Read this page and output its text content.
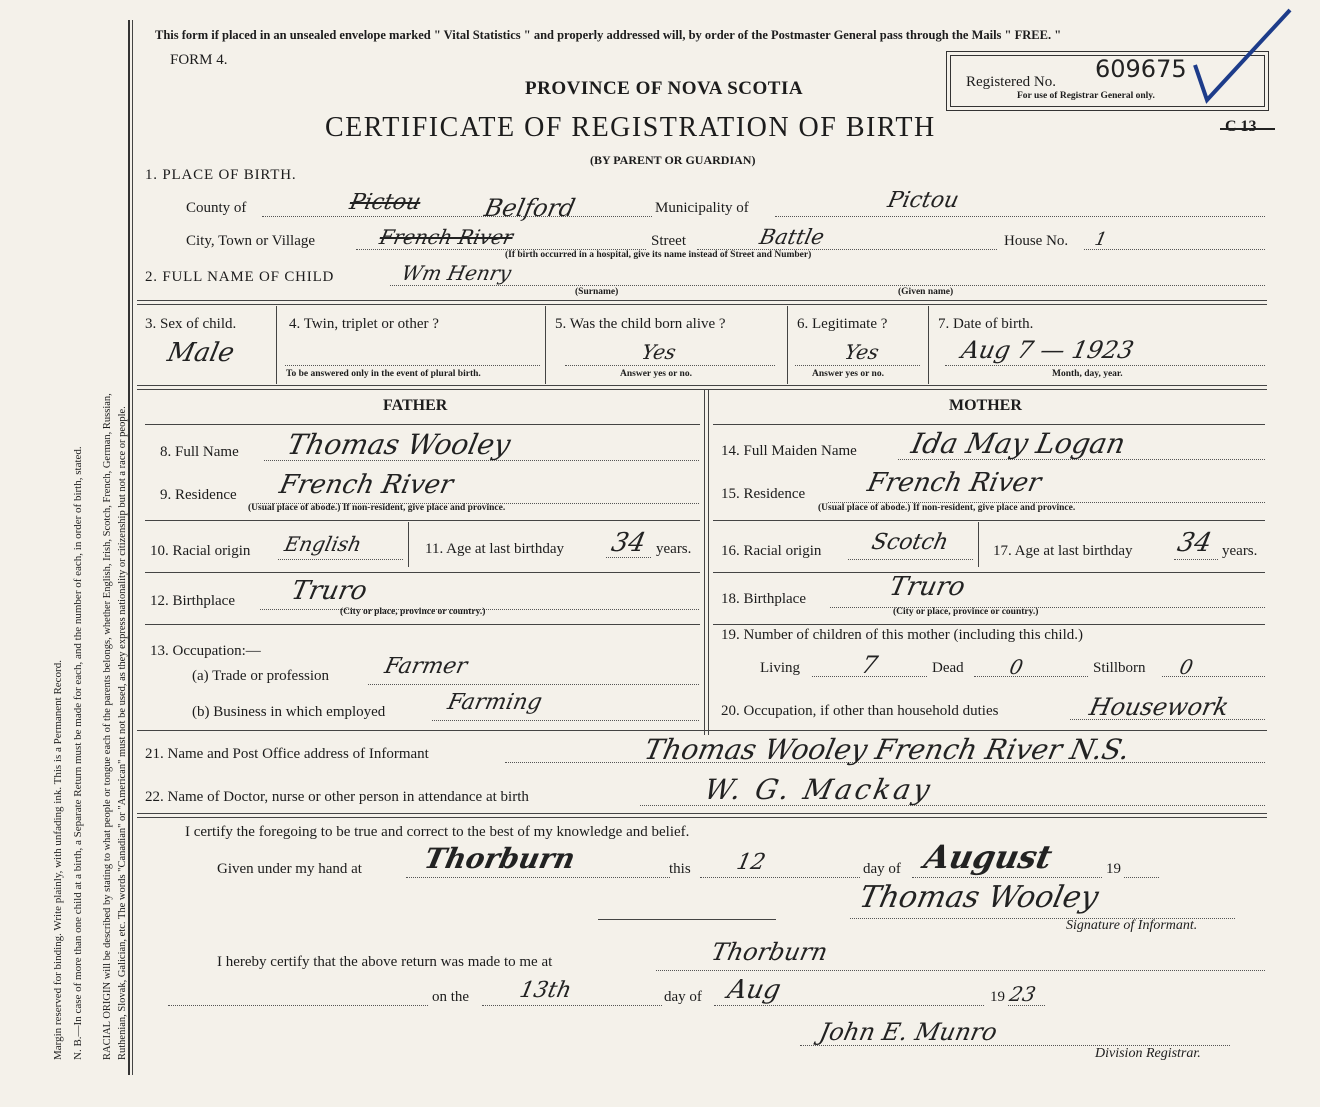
Margin reserved for binding. Write plainly, with unfading ink. This is a Permanent Record. N. B.—In case of more than one child at a birth, a Separate Return must be made for each, and the number of each, in order of birth, stated. RACIAL ORIGIN will be described by stating to what people or tongue each of the parents belongs, whether English, Irish, Scotch, French, German, Russian, Ruthenian, Slovak, Galician, etc. The words "Canadian" or "American" must not be used, as they express nationality or citizenship but not a race or people.
This form if placed in an unsealed envelope marked " Vital Statistics " and properly addressed will, by order of the Postmaster General pass through the Mails " FREE. "
FORM 4.
PROVINCE OF NOVA SCOTIA
CERTIFICATE OF REGISTRATION OF BIRTH
(BY PARENT OR GUARDIAN)
Registered No. 609675
For use of Registrar General only.
C 13
1. PLACE OF BIRTH.
County of	Pictou Belford	Municipality of	Pictou
City, Town or Village	French River	Street	Battle	House No. 1
(If birth occurred in a hospital, give its name instead of Street and Number)
2. FULL NAME OF CHILD	Wm Henry
(Surname)	(Given name)
3. Sex of child.
Male
4. Twin, triplet or other ?
To be answered only in the event of plural birth.
5. Was the child born alive ?
Yes
Answer yes or no.
6. Legitimate ?
Yes
Answer yes or no.
7. Date of birth.
Aug 7 — 1923
Month, day, year.
FATHER
8. Full Name Thomas Wooley
9. Residence French River
(Usual place of abode.) If non-resident, give place and province.
10. Racial origin English	11. Age at last birthday 34 years.
12. Birthplace Truro
(City or place, province or country.)
13. Occupation:—
(a) Trade or profession Farmer
(b) Business in which employed	Farming
MOTHER
14. Full Maiden Name Ida May Logan
15. Residence French River
(Usual place of abode.) If non-resident, give place and province.
16. Racial origin Scotch	17. Age at last birthday 34 years.
18. Birthplace	Truro
(City or place, province or country.)
19. Number of children of this mother (including this child.)
Living 7	Dead 0	Stillborn 0
20. Occupation, if other than household duties	Housework
21. Name and Post Office address of Informant	Thomas Wooley French River N.S.
22. Name of Doctor, nurse or other person in attendance at birth	W. G. Mackay
I certify the foregoing to be true and correct to the best of my knowledge and belief.
Given under my hand at Thorburn	this 12	day of August	19
Thomas Wooley
Signature of Informant.
I hereby certify that the above return was made to me at	Thorburn
on the 13th	day of Aug	19 23
John E. Munro
Division Registrar.
